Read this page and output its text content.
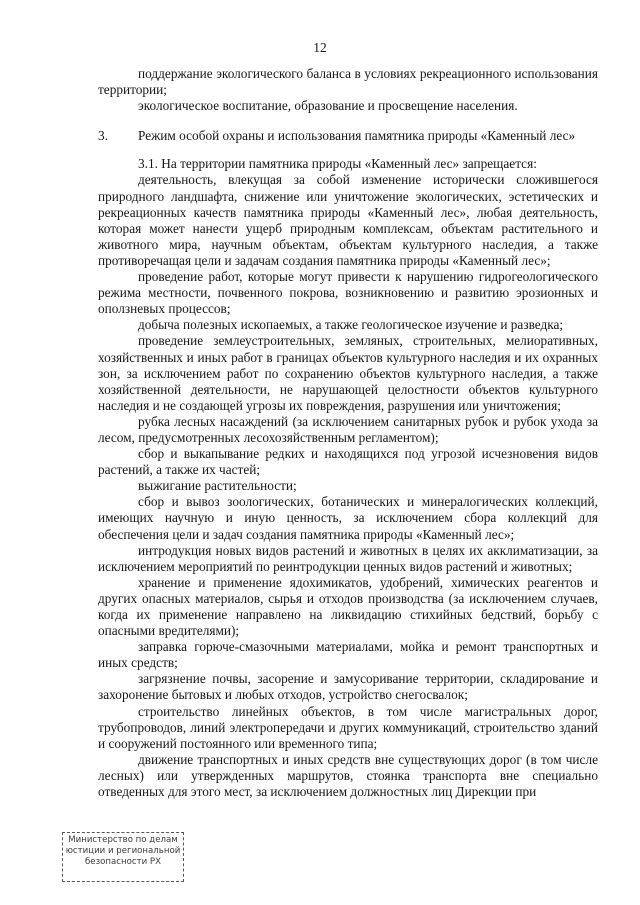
12

поддержание экологического баланса в условиях рекреационного использования территории;

экологическое воспитание, образование и просвещение населения.

3.	Режим особой охраны и использования памятника природы «Каменный лес»

3.1. На территории памятника природы «Каменный лес» запрещается:

деятельность, влекущая за собой изменение исторически сложившегося природного ландшафта, снижение или уничтожение экологических, эстетических и рекреационных качеств памятника природы «Каменный лес», любая деятельность, которая может нанести ущерб природным комплексам, объектам растительного и животного мира, научным объектам, объектам культурного наследия, а также противоречащая цели и задачам создания памятника природы «Каменный лес»;

проведение работ, которые могут привести к нарушению гидрогеологического режима местности, почвенного покрова, возникновению и развитию эрозионных и оползневых процессов;

добыча полезных ископаемых, а также геологическое изучение и разведка;

проведение землеустроительных, земляных, строительных, мелиоративных, хозяйственных и иных работ в границах объектов культурного наследия и их охранных зон, за исключением работ по сохранению объектов культурного наследия, а также хозяйственной деятельности, не нарушающей целостности объектов культурного наследия и не создающей угрозы их повреждения, разрушения или уничтожения;

рубка лесных насаждений (за исключением санитарных рубок и рубок ухода за лесом, предусмотренных лесохозяйственным регламентом);

сбор и выкапывание редких и находящихся под угрозой исчезновения видов растений, а также их частей;

выжигание растительности;

сбор и вывоз зоологических, ботанических и минералогических коллекций, имеющих научную и иную ценность, за исключением сбора коллекций для обеспечения цели и задач создания памятника природы «Каменный лес»;

интродукция новых видов растений и животных в целях их акклиматизации, за исключением мероприятий по реинтродукции ценных видов растений и животных;

хранение и применение ядохимикатов, удобрений, химических реагентов и других опасных материалов, сырья и отходов производства (за исключением случаев, когда их применение направлено на ликвидацию стихийных бедствий, борьбу с опасными вредителями);

заправка горюче-смазочными материалами, мойка и ремонт транспортных и иных средств;

загрязнение почвы, засорение и замусоривание территории, складирование и захоронение бытовых и любых отходов, устройство снегосвалок;

строительство линейных объектов, в том числе магистральных дорог, трубопроводов, линий электропередачи и других коммуникаций, строительство зданий и сооружений постоянного или временного типа;

движение транспортных и иных средств вне существующих дорог (в том числе лесных) или утвержденных маршрутов, стоянка транспорта вне специально отведенных для этого мест, за исключением должностных лиц Дирекции при

Министерство по делам
юстиции и региональной
безопасности РХ
